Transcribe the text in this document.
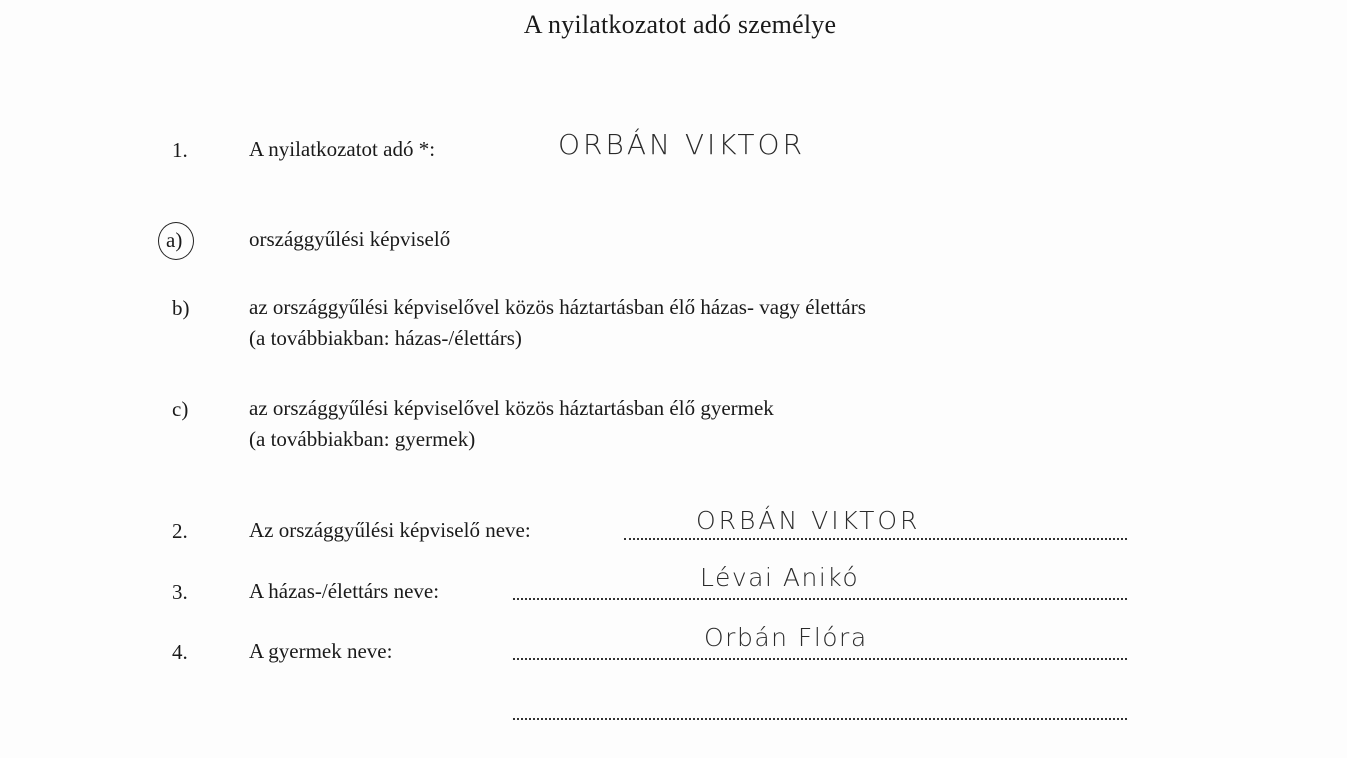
A nyilatkozatot adó személye
1.	A nyilatkozatot adó *:	ORBÁN VIKTOR
a)	országgyűlési képviselő
b)	az országgyűlési képviselővel közös háztartásban élő házas- vagy élettárs
(a továbbiakban: házas-/élettárs)
c)	az országgyűlési képviselővel közös háztartásban élő gyermek
(a továbbiakban: gyermek)
2.	Az országgyűlési képviselő neve:	ORBÁN VIKTOR
3.	A házas-/élettárs neve:	Lévai Anikó
4.	A gyermek neve:	Orbán Flóra
